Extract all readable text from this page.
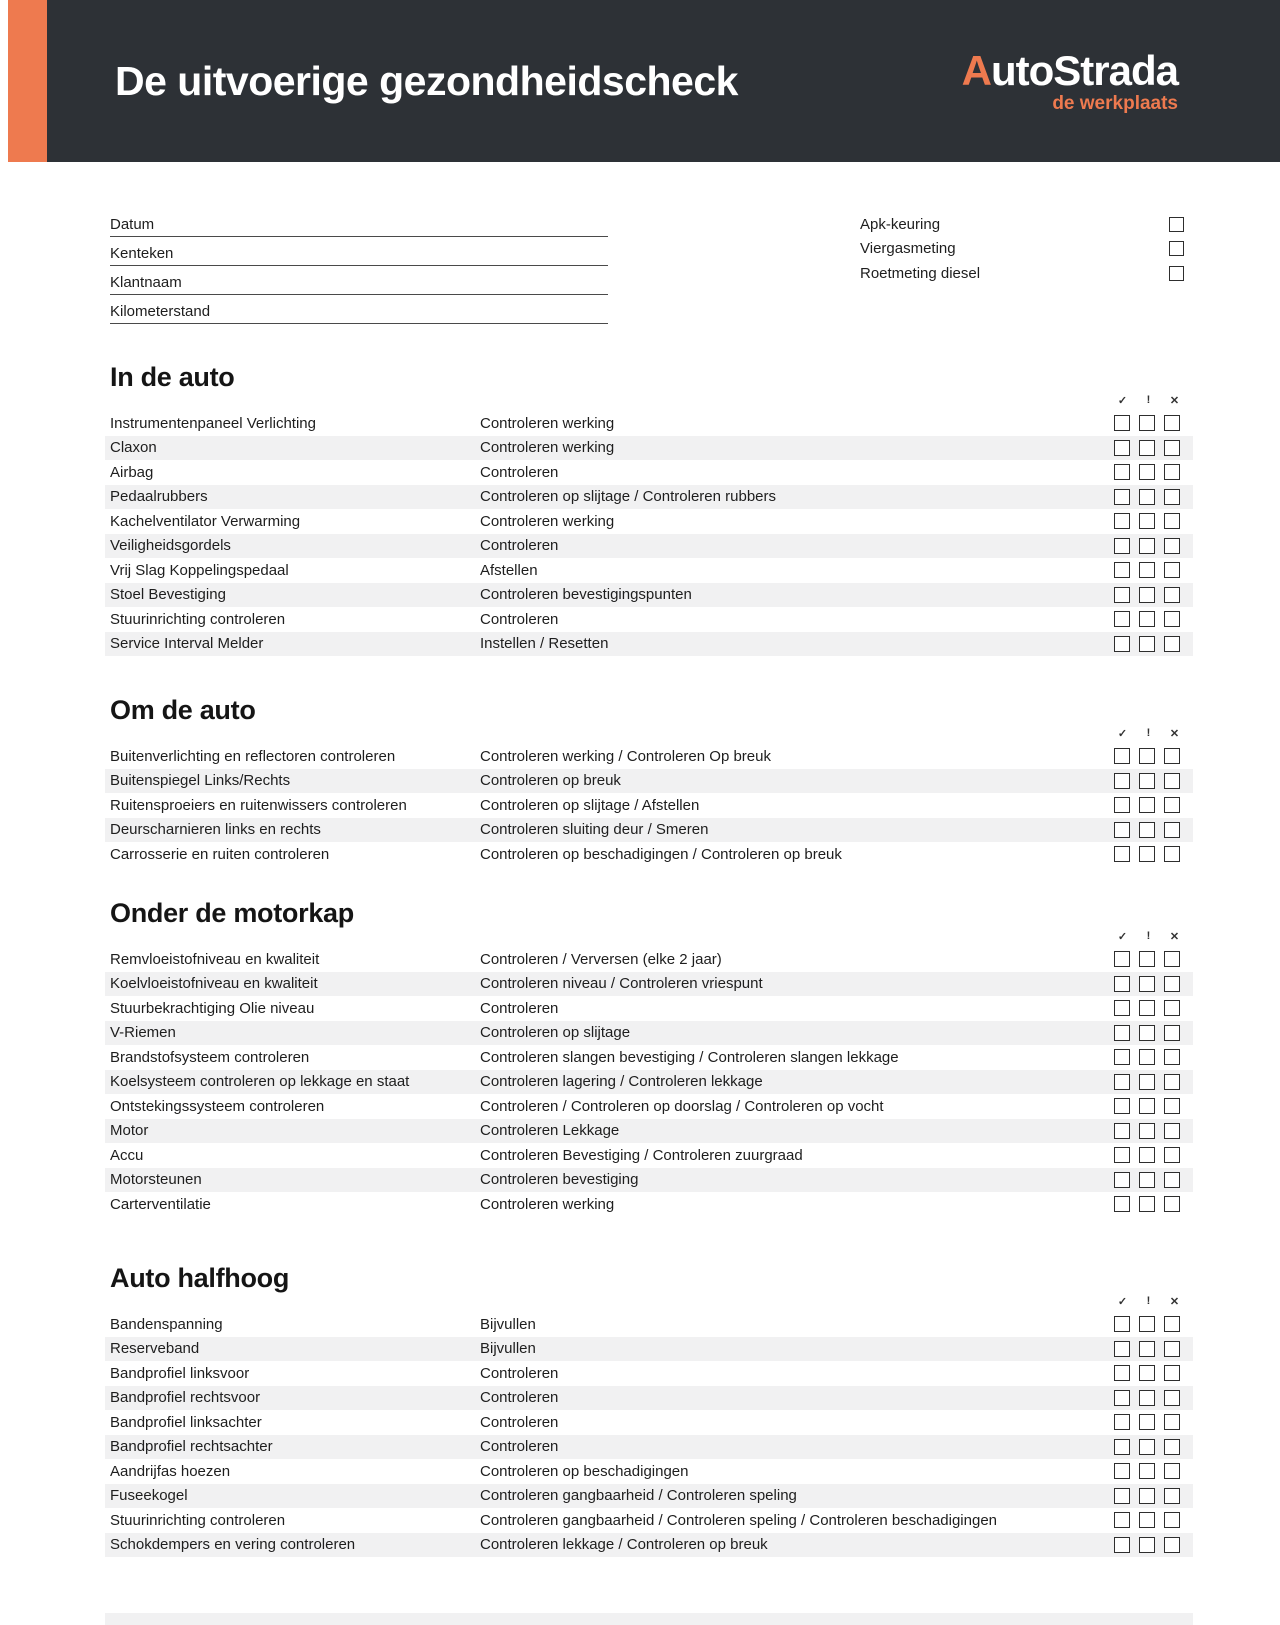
De uitvoerige gezondheidscheck	AutoStrada
de werkplaats
Datum
Kenteken
Klantnaam
Kilometerstand
Apk-keuring
Viergasmeting
Roetmeting diesel
In de auto
✓	!	✕
Instrumentenpaneel Verlichting	Controleren werking
Claxon	Controleren werking
Airbag	Controleren
Pedaalrubbers	Controleren op slijtage / Controleren rubbers
Kachelventilator Verwarming	Controleren werking
Veiligheidsgordels	Controleren
Vrij Slag Koppelingspedaal	Afstellen
Stoel Bevestiging	Controleren bevestigingspunten
Stuurinrichting controleren	Controleren
Service Interval Melder	Instellen / Resetten
Om de auto
✓	!	✕
Buitenverlichting en reflectoren controleren	Controleren werking / Controleren Op breuk
Buitenspiegel Links/Rechts	Controleren op breuk
Ruitensproeiers en ruitenwissers controleren	Controleren op slijtage / Afstellen
Deurscharnieren links en rechts	Controleren sluiting deur / Smeren
Carrosserie en ruiten controleren	Controleren op beschadigingen / Controleren op breuk
Onder de motorkap
✓	!	✕
Remvloeistofniveau en kwaliteit	Controleren / Verversen (elke 2 jaar)
Koelvloeistofniveau en kwaliteit	Controleren niveau / Controleren vriespunt
Stuurbekrachtiging Olie niveau	Controleren
V-Riemen	Controleren op slijtage
Brandstofsysteem controleren	Controleren slangen bevestiging / Controleren slangen lekkage
Koelsysteem controleren op lekkage en staat	Controleren lagering / Controleren lekkage
Ontstekingssysteem controleren	Controleren / Controleren op doorslag / Controleren op vocht
Motor	Controleren Lekkage
Accu	Controleren Bevestiging / Controleren zuurgraad
Motorsteunen	Controleren bevestiging
Carterventilatie	Controleren werking
Auto halfhoog
✓	!	✕
Bandenspanning	Bijvullen
Reserveband	Bijvullen
Bandprofiel linksvoor	Controleren
Bandprofiel rechtsvoor	Controleren
Bandprofiel linksachter	Controleren
Bandprofiel rechtsachter	Controleren
Aandrijfas hoezen	Controleren op beschadigingen
Fuseekogel	Controleren gangbaarheid / Controleren speling
Stuurinrichting controleren	Controleren gangbaarheid / Controleren speling / Controleren beschadigingen
Schokdempers en vering controleren	Controleren lekkage / Controleren op breuk
